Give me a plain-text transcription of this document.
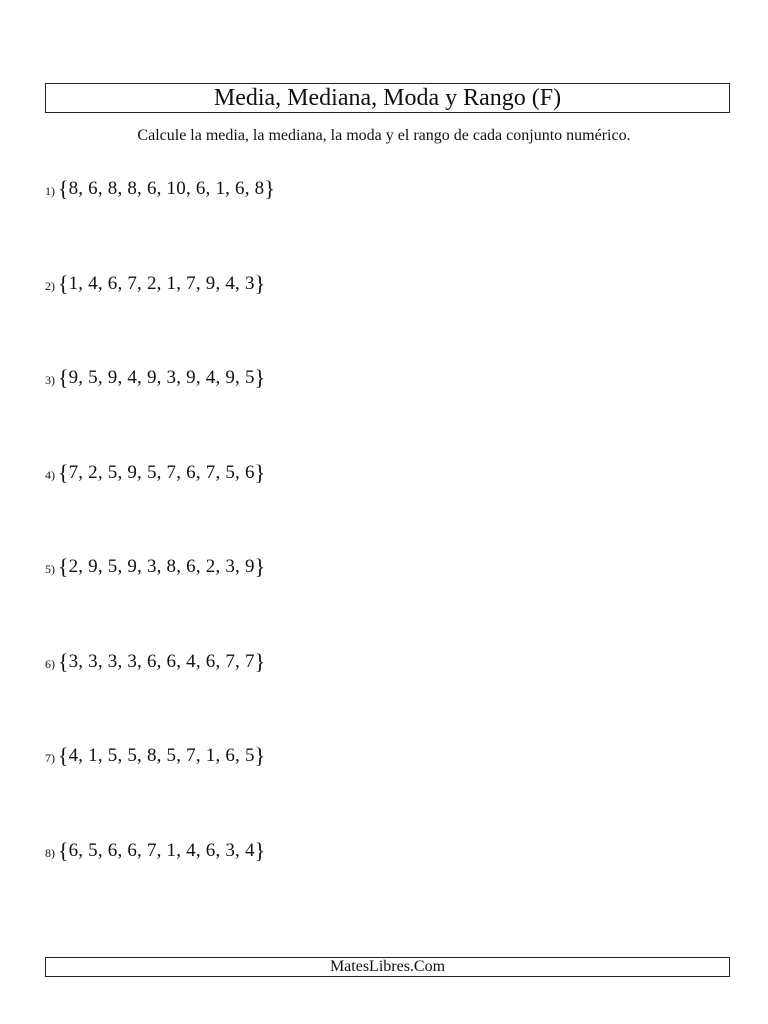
Media, Mediana, Moda y Rango (F)
Calcule la media, la mediana, la moda y el rango de cada conjunto numérico.
1) { 8, 6, 8, 8, 6, 10, 6, 1, 6, 8 }
2) { 1, 4, 6, 7, 2, 1, 7, 9, 4, 3 }
3) { 9, 5, 9, 4, 9, 3, 9, 4, 9, 5 }
4) { 7, 2, 5, 9, 5, 7, 6, 7, 5, 6 }
5) { 2, 9, 5, 9, 3, 8, 6, 2, 3, 9 }
6) { 3, 3, 3, 3, 6, 6, 4, 6, 7, 7 }
7) { 4, 1, 5, 5, 8, 5, 7, 1, 6, 5 }
8) { 6, 5, 6, 6, 7, 1, 4, 6, 3, 4 }
MatesLibres.Com
